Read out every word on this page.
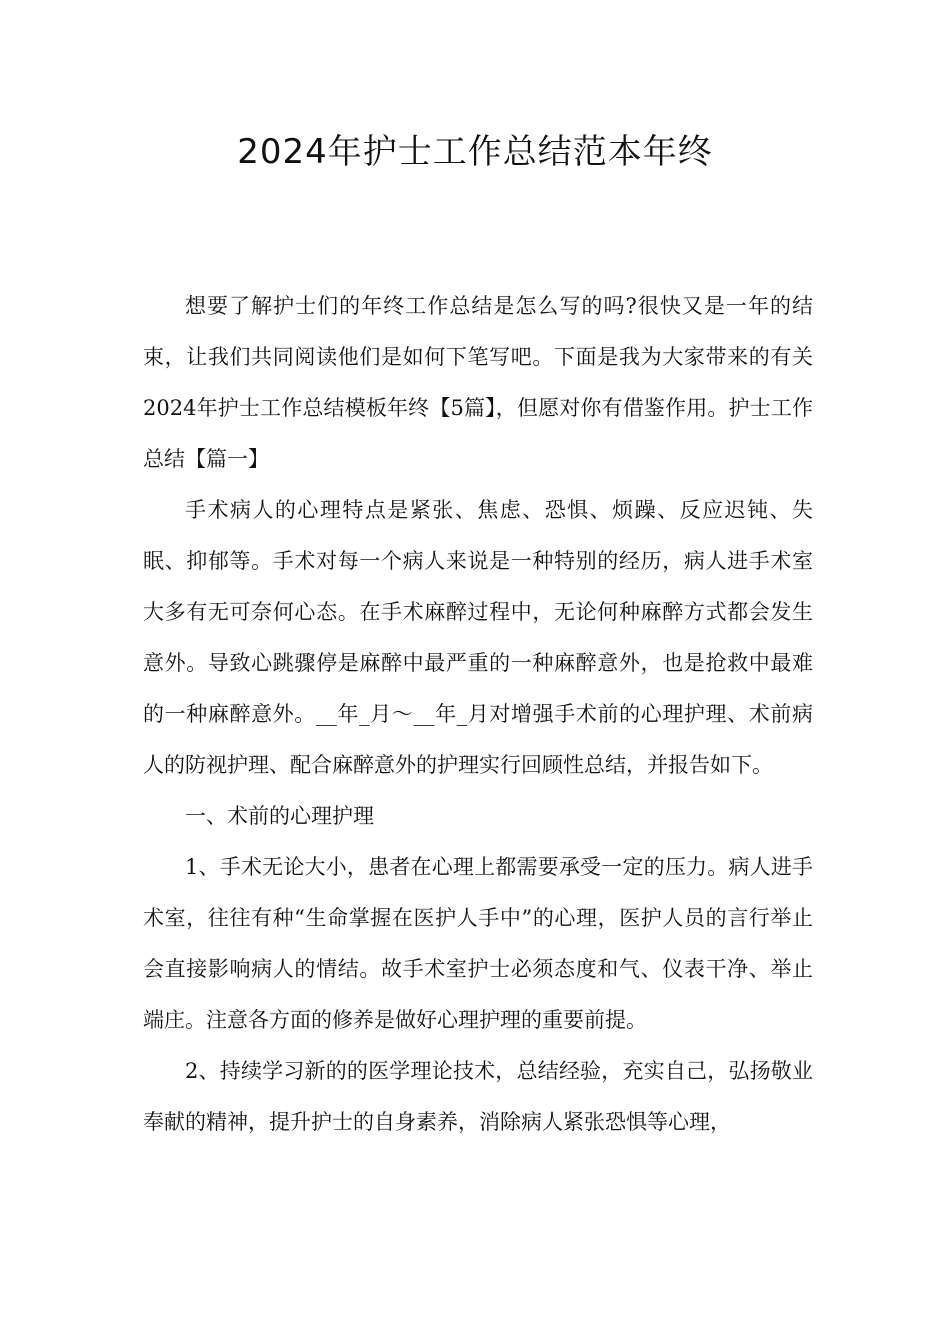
2024年护士工作总结范本年终

想要了解护士们的年终工作总结是怎么写的吗?很快又是一年的结束，让我们共同阅读他们是如何下笔写吧。下面是我为大家带来的有关2024年护士工作总结模板年终【5篇】，但愿对你有借鉴作用。护士工作总结【篇一】

手术病人的心理特点是紧张、焦虑、恐惧、烦躁、反应迟钝、失眠、抑郁等。手术对每一个病人来说是一种特别的经历，病人进手术室大多有无可奈何心态。在手术麻醉过程中，无论何种麻醉方式都会发生意外。导致心跳骤停是麻醉中最严重的一种麻醉意外，也是抢救中最难的一种麻醉意外。__年_月～__年_月对增强手术前的心理护理、术前病人的防视护理、配合麻醉意外的护理实行回顾性总结，并报告如下。

一、术前的心理护理

1、手术无论大小，患者在心理上都需要承受一定的压力。病人进手术室，往往有种“生命掌握在医护人手中”的心理，医护人员的言行举止会直接影响病人的情结。故手术室护士必须态度和气、仪表干净、举止端庄。注意各方面的修养是做好心理护理的重要前提。

2、持续学习新的的医学理论技术，总结经验，充实自己，弘扬敬业奉献的精神，提升护士的自身素养，消除病人紧张恐惧等心理，
